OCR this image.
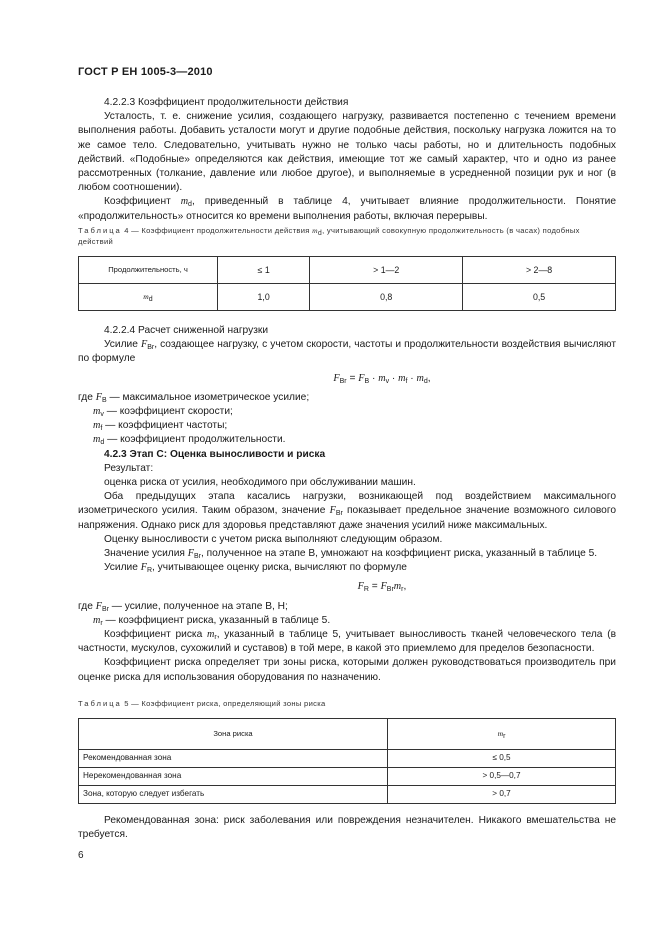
ГОСТ Р ЕН 1005-3—2010

4.2.2.3 Коэффициент продолжительности действия

Усталость, т. е. снижение усилия, создающего нагрузку, развивается постепенно с течением времени выполнения работы. Добавить усталости могут и другие подобные действия, поскольку нагрузка ложится на то же самое тело. Следовательно, учитывать нужно не только часы работы, но и длительность подобных действий. «Подобные» определяются как действия, имеющие тот же самый характер, что и одно из ранее рассмотренных (толкание, давление или любое другое), и выполняемые в усредненной позиции рук и ног (в любом соотношении).

Коэффициент $m_d$, приведенный в таблице 4, учитывает влияние продолжительности. Понятие «продолжительность» относится ко времени выполнения работы, включая перерывы.

Таблица 4 — Коэффициент продолжительности действия $m_d$, учитывающий совокупную продолжительность (в часах) подобных действий

Продолжительность, ч	≤ 1	> 1—2	> 2—8
$m_d$	1,0	0,8	0,5

4.2.2.4 Расчет сниженной нагрузки

Усилие $F_{Br}$, создающее нагрузку, с учетом скорости, частоты и продолжительности воздействия вычисляют по формуле

$F_{Br} = F_B \cdot m_v \cdot m_f \cdot m_d$,

где $F_B$ — максимальное изометрическое усилие;

$m_v$ — коэффициент скорости;

$m_f$ — коэффициент частоты;

$m_d$ — коэффициент продолжительности.

4.2.3 Этап С: Оценка выносливости и риска

Результат:

оценка риска от усилия, необходимого при обслуживании машин.

Оба предыдущих этапа касались нагрузки, возникающей под воздействием максимального изометрического усилия. Таким образом, значение $F_{Br}$ показывает предельное значение возможного силового напряжения. Однако риск для здоровья представляют даже значения усилий ниже максимальных.

Оценку выносливости с учетом риска выполняют следующим образом.

Значение усилия $F_{Br}$, полученное на этапе В, умножают на коэффициент риска, указанный в таблице 5.

Усилие $F_R$, учитывающее оценку риска, вычисляют по формуле

$F_R = F_{Br}m_r$,

где $F_{Br}$ — усилие, полученное на этапе В, Н;

$m_r$ — коэффициент риска, указанный в таблице 5.

Коэффициент риска $m_r$, указанный в таблице 5, учитывает выносливость тканей человеческого тела (в частности, мускулов, сухожилий и суставов) в той мере, в какой это приемлемо для пределов безопасности.

Коэффициент риска определяет три зоны риска, которыми должен руководствоваться производитель при оценке риска для использования оборудования по назначению.

Таблица 5 — Коэффициент риска, определяющий зоны риска

Зона риска	$m_r$
Рекомендованная зона	≤ 0,5
Нерекомендованная зона	> 0,5—0,7
Зона, которую следует избегать	> 0,7

Рекомендованная зона: риск заболевания или повреждения незначителен. Никакого вмешательства не требуется.

6
